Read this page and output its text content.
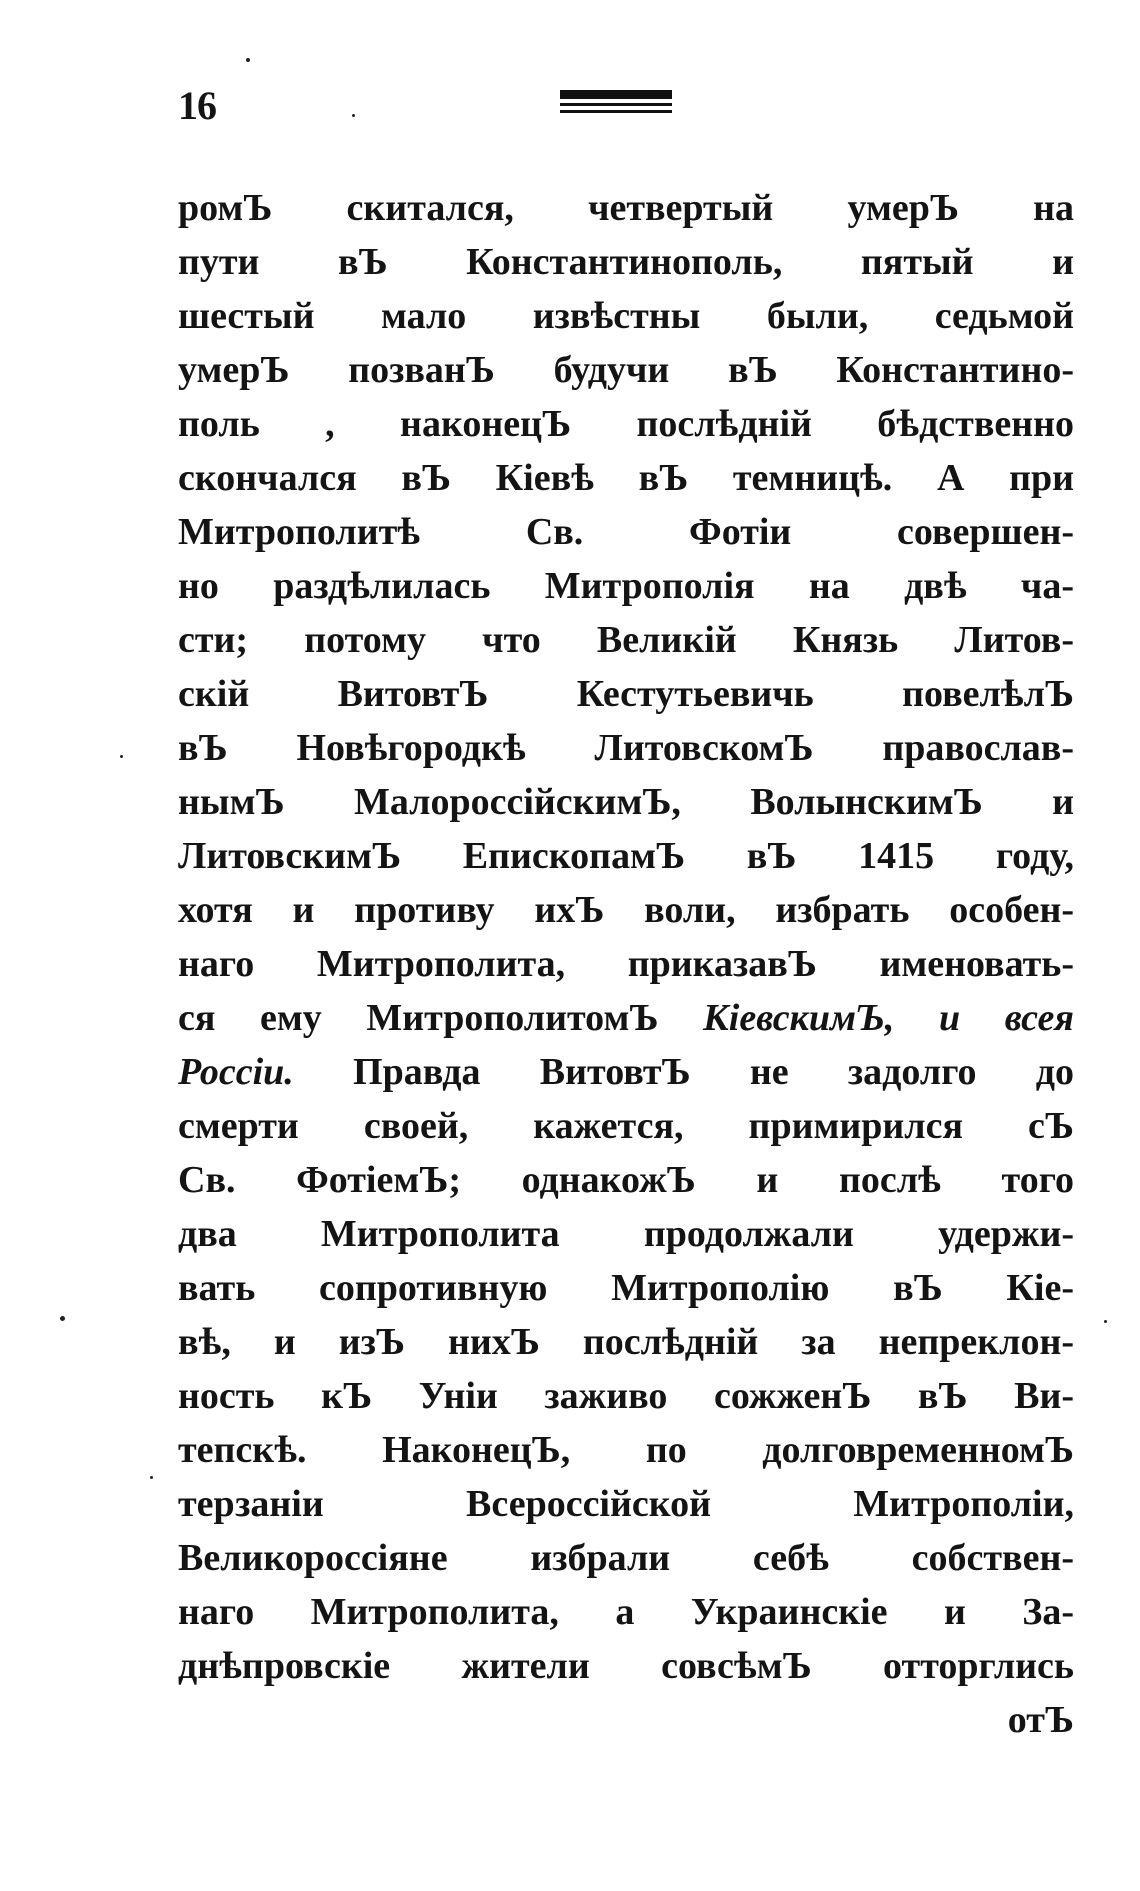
16
ромЪ скитался, четвертый умерЪ на
пути вЪ Константинополь, пятый и
шестый мало извѣстны были, седьмой
умерЪ позванЪ будучи вЪ Константино-
поль , наконецЪ послѣдній бѣдственно
скончался вЪ Кіевѣ вЪ темницѣ. А при
Митрополитѣ Св. Фотіи совершен-
но раздѣлилась Митрополія на двѣ ча-
сти; потому что Великій Князь Литов-
скій ВитовтЪ Кестутьевичь повелѣлЪ
вЪ Новѣгородкѣ ЛитовскомЪ православ-
нымЪ МалороссійскимЪ, ВолынскимЪ и
ЛитовскимЪ ЕпископамЪ вЪ 1415 году,
хотя и противу ихЪ воли, избрать особен-
наго Митрополита, приказавЪ именовать-
ся ему МитрополитомЪ КіевскимЪ, и всея
Россіи. Правда ВитовтЪ не задолго до
смерти своей, кажется, примирился сЪ
Св. ФотіемЪ; однакожЪ и послѣ того
два Митрополита продолжали удержи-
вать сопротивную Митрополію вЪ Кіе-
вѣ, и изЪ нихЪ послѣдній за непреклон-
ность кЪ Уніи заживо сожженЪ вЪ Ви-
тепскѣ. НаконецЪ, по долговременномЪ
терзаніи Всероссійской Митрополіи,
Великороссіяне избрали себѣ собствен-
наго Митрополита, а Украинскіе и За-
днѣпровскіе жители совсѣмЪ отторглись
отЪ
